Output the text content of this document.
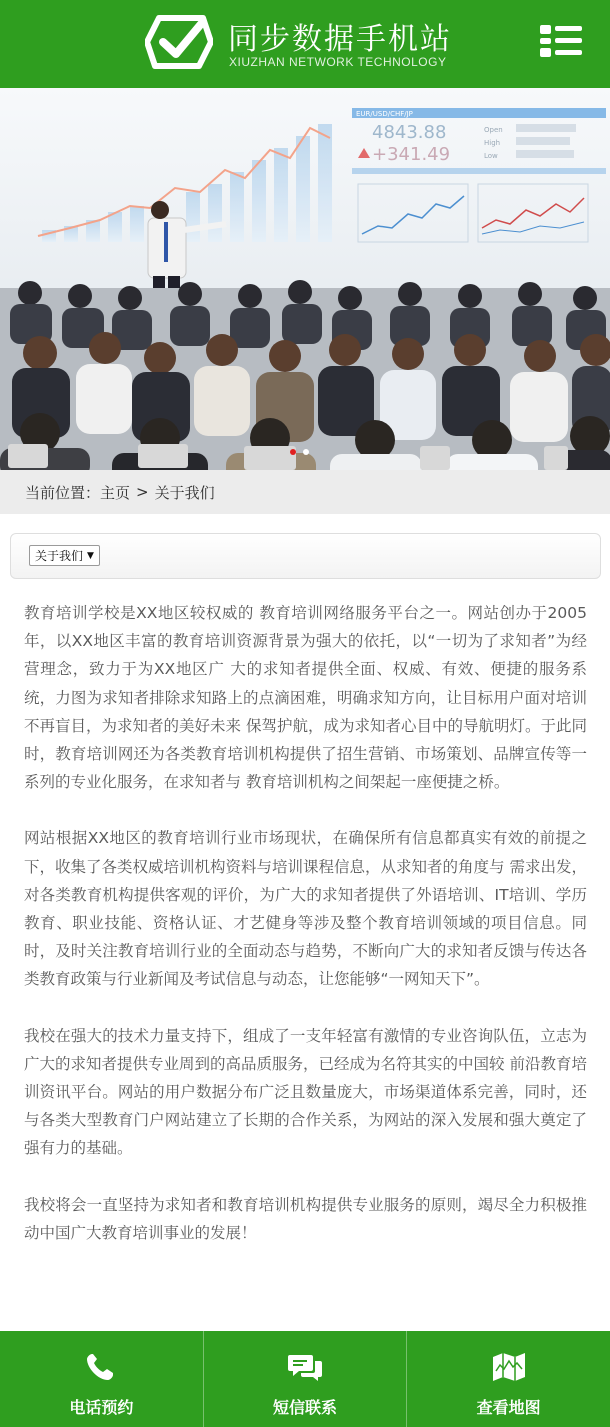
同步数据手机站
XIUZHAN NETWORK TECHNOLOGY
EUR/USD/CHF/JP
4843.88
+341.49
Open
High
Low
当前位置： 主页 > 关于我们
关于我们 ▼

教育培训学校是XX地区较权威的 教育培训网络服务平台之一。网站创办于2005年，以XX地区丰富的教育培训资源背景为强大的依托，以“一切为了求知者”为经营理念，致力于为XX地区广 大的求知者提供全面、权威、有效、便捷的服务系统，力图为求知者排除求知路上的点滴困难，明确求知方向，让目标用户面对培训不再盲目，为求知者的美好未来 保驾护航，成为求知者心目中的导航明灯。于此同时，教育培训网还为各类教育培训机构提供了招生营销、市场策划、品牌宣传等一系列的专业化服务，在求知者与 教育培训机构之间架起一座便捷之桥。

网站根据XX地区的教育培训行业市场现状，在确保所有信息都真实有效的前提之下，收集了各类权威培训机构资料与培训课程信息，从求知者的角度与 需求出发，对各类教育机构提供客观的评价，为广大的求知者提供了外语培训、IT培训、学历教育、职业技能、资格认证、才艺健身等涉及整个教育培训领域的项目信息。同时，及时关注教育培训行业的全面动态与趋势，不断向广大的求知者反馈与传达各类教育政策与行业新闻及考试信息与动态，让您能够“一网知天下”。

我校在强大的技术力量支持下，组成了一支年轻富有激情的专业咨询队伍，立志为广大的求知者提供专业周到的高品质服务，已经成为名符其实的中国较 前沿教育培训资讯平台。网站的用户数据分布广泛且数量庞大，市场渠道体系完善，同时，还与各类大型教育门户网站建立了长期的合作关系，为网站的深入发展和强大奠定了强有力的基础。

我校将会一直坚持为求知者和教育培训机构提供专业服务的原则，竭尽全力积极推动中国广大教育培训事业的发展！

电话预约	短信联系	查看地图
